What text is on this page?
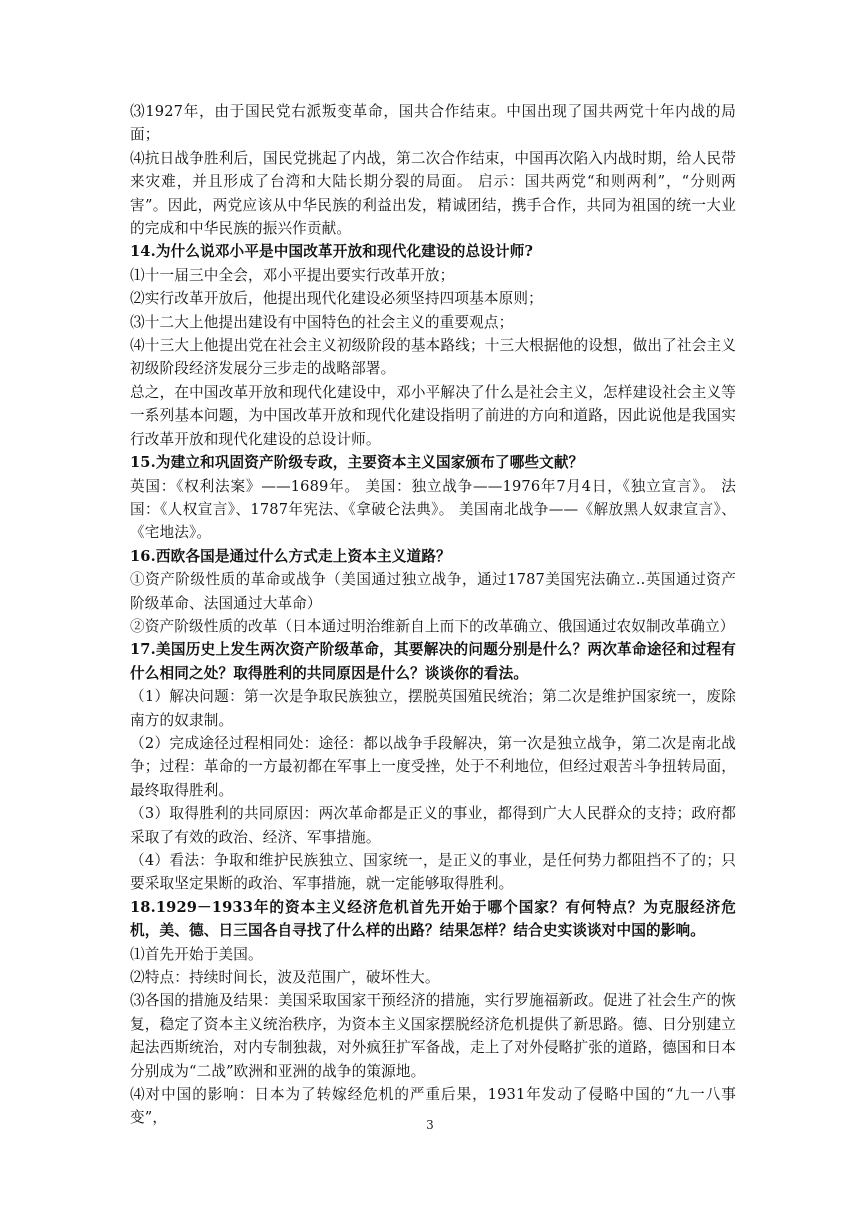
⑶1927年，由于国民党右派叛变革命，国共合作结束。中国出现了国共两党十年内战的局面；

⑷抗日战争胜利后，国民党挑起了内战，第二次合作结束，中国再次陷入内战时期，给人民带来灾难，并且形成了台湾和大陆长期分裂的局面。 启示：国共两党“和则两利”，“分则两害”。因此，两党应该从中华民族的利益出发，精诚团结，携手合作，共同为祖国的统一大业的完成和中华民族的振兴作贡献。

14.为什么说邓小平是中国改革开放和现代化建设的总设计师?

⑴十一届三中全会，邓小平提出要实行改革开放；

⑵实行改革开放后，他提出现代化建设必须坚持四项基本原则；

⑶十二大上他提出建设有中国特色的社会主义的重要观点；

⑷十三大上他提出党在社会主义初级阶段的基本路线；十三大根据他的设想，做出了社会主义初级阶段经济发展分三步走的战略部署。

总之，在中国改革开放和现代化建设中，邓小平解决了什么是社会主义，怎样建设社会主义等一系列基本问题，为中国改革开放和现代化建设指明了前进的方向和道路，因此说他是我国实行改革开放和现代化建设的总设计师。

15.为建立和巩固资产阶级专政，主要资本主义国家颁布了哪些文献？

英国：《权利法案》——1689年。 美国：独立战争——1976年7月4日，《独立宣言》。 法国：《人权宣言》、1787年宪法、《拿破仑法典》。 美国南北战争——《解放黑人奴隶宣言》、《宅地法》。

16.西欧各国是通过什么方式走上资本主义道路？

①资产阶级性质的革命或战争（美国通过独立战争，通过1787美国宪法确立..英国通过资产阶级革命、法国通过大革命）

②资产阶级性质的改革（日本通过明治维新自上而下的改革确立、俄国通过农奴制改革确立）

17.美国历史上发生两次资产阶级革命，其要解决的问题分别是什么？两次革命途径和过程有什么相同之处？取得胜利的共同原因是什么？谈谈你的看法。

（1）解决问题：第一次是争取民族独立，摆脱英国殖民统治；第二次是维护国家统一，废除南方的奴隶制。

（2）完成途径过程相同处：途径：都以战争手段解决，第一次是独立战争，第二次是南北战争；过程：革命的一方最初都在军事上一度受挫，处于不利地位，但经过艰苦斗争扭转局面，最终取得胜利。

（3）取得胜利的共同原因：两次革命都是正义的事业，都得到广大人民群众的支持；政府都采取了有效的政治、经济、军事措施。

（4）看法：争取和维护民族独立、国家统一，是正义的事业，是任何势力都阻挡不了的；只要采取坚定果断的政治、军事措施，就一定能够取得胜利。

18.1929－1933年的资本主义经济危机首先开始于哪个国家？有何特点？为克服经济危机，美、德、日三国各自寻找了什么样的出路？结果怎样？结合史实谈谈对中国的影响。

⑴首先开始于美国。

⑵特点：持续时间长，波及范围广，破坏性大。

⑶各国的措施及结果：美国采取国家干预经济的措施，实行罗施福新政。促进了社会生产的恢复，稳定了资本主义统治秩序，为资本主义国家摆脱经济危机提供了新思路。德、日分别建立起法西斯统治，对内专制独裁，对外疯狂扩军备战，走上了对外侵略扩张的道路，德国和日本分别成为“二战”欧洲和亚洲的战争的策源地。

⑷对中国的影响：日本为了转嫁经危机的严重后果，1931年发动了侵略中国的“九一八事变”，	3
